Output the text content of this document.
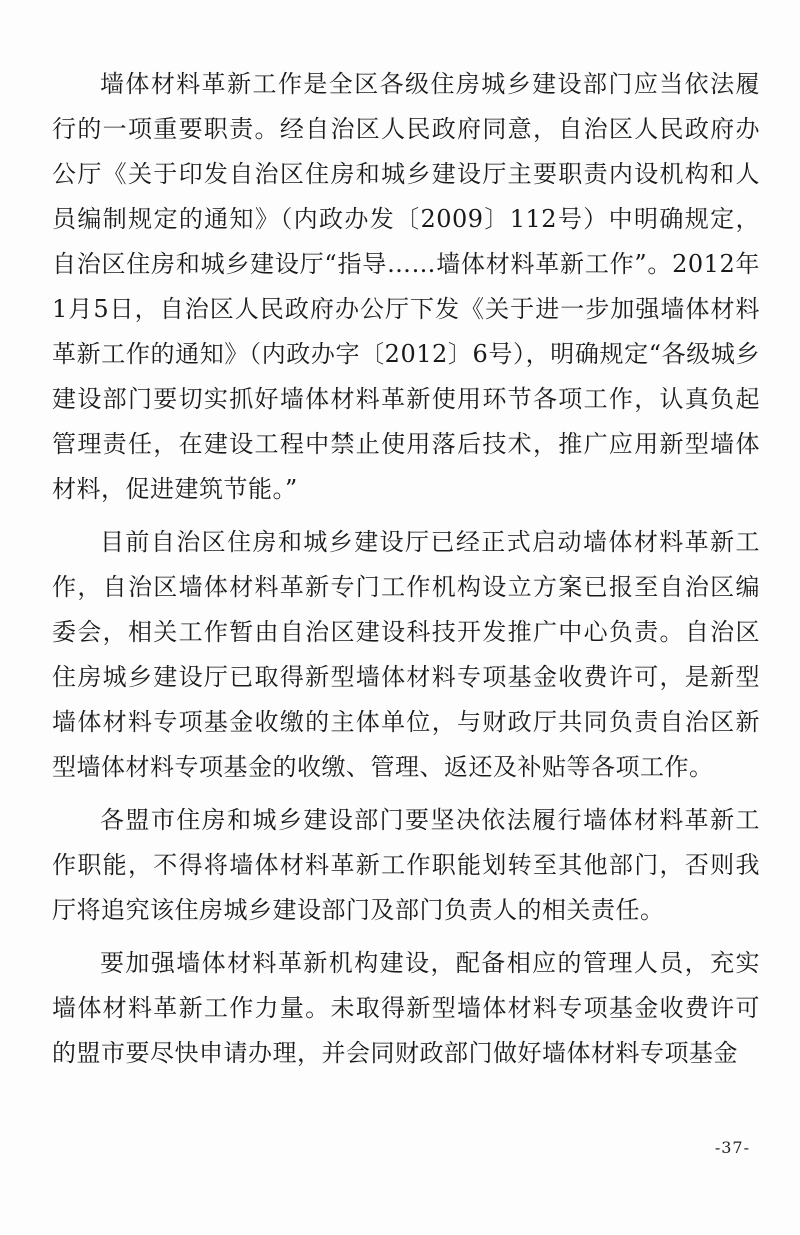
墙体材料革新工作是全区各级住房城乡建设部门应当依法履行的一项重要职责。经自治区人民政府同意，自治区人民政府办公厅《关于印发自治区住房和城乡建设厅主要职责内设机构和人员编制规定的通知》（内政办发〔2009〕112号）中明确规定，自治区住房和城乡建设厅“指导……墙体材料革新工作”。2012年1月5日，自治区人民政府办公厅下发《关于进一步加强墙体材料革新工作的通知》（内政办字〔2012〕6号），明确规定“各级城乡建设部门要切实抓好墙体材料革新使用环节各项工作，认真负起管理责任，在建设工程中禁止使用落后技术，推广应用新型墙体材料，促进建筑节能。”

目前自治区住房和城乡建设厅已经正式启动墙体材料革新工作，自治区墙体材料革新专门工作机构设立方案已报至自治区编委会，相关工作暂由自治区建设科技开发推广中心负责。自治区住房城乡建设厅已取得新型墙体材料专项基金收费许可，是新型墙体材料专项基金收缴的主体单位，与财政厅共同负责自治区新型墙体材料专项基金的收缴、管理、返还及补贴等各项工作。

各盟市住房和城乡建设部门要坚决依法履行墙体材料革新工作职能，不得将墙体材料革新工作职能划转至其他部门，否则我厅将追究该住房城乡建设部门及部门负责人的相关责任。

要加强墙体材料革新机构建设，配备相应的管理人员，充实墙体材料革新工作力量。未取得新型墙体材料专项基金收费许可的盟市要尽快申请办理，并会同财政部门做好墙体材料专项基金

-37-
